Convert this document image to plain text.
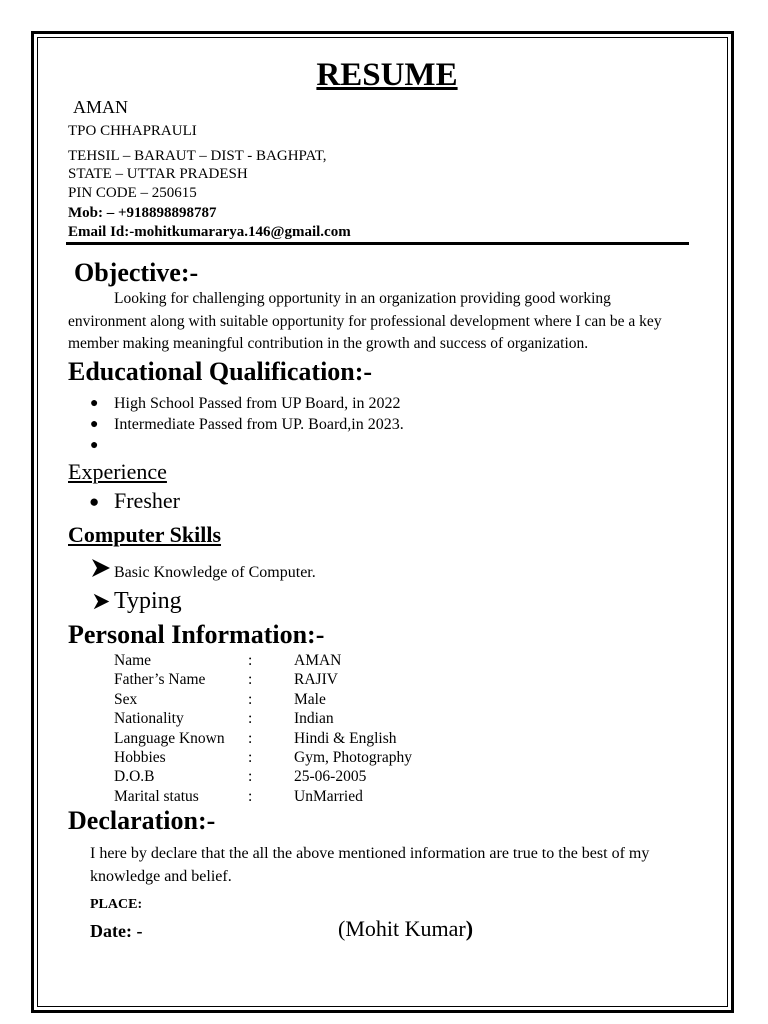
RESUME
AMAN
TPO CHHAPRAULI
TEHSIL – BARAUT – DIST - BAGHPAT,
STATE – UTTAR PRADESH
PIN CODE – 250615
Mob: – +918898898787
Email Id:-mohitkumararya.146@gmail.com
Objective:-
Looking for challenging opportunity in an organization providing good working
environment along with suitable opportunity for professional development where I can be a key
member making meaningful contribution in the growth and success of organization.
Educational Qualification:-
● High School Passed from UP Board, in 2022
● Intermediate Passed from UP. Board,in 2023.
●
Experience
● Fresher
Computer Skills
Basic Knowledge of Computer.
Typing
Personal Information:-
Name	:	AMAN
Father’s Name	:	RAJIV
Sex	:	Male
Nationality	:	Indian
Language Known :	Hindi & English
Hobbies	:	Gym, Photography
D.O.B	:	25-06-2005
Marital status	:	UnMarried
Declaration:-
I here by declare that the all the above mentioned information are true to the best of my
knowledge and belief.
PLACE:
Date: -	(Mohit Kumar)
